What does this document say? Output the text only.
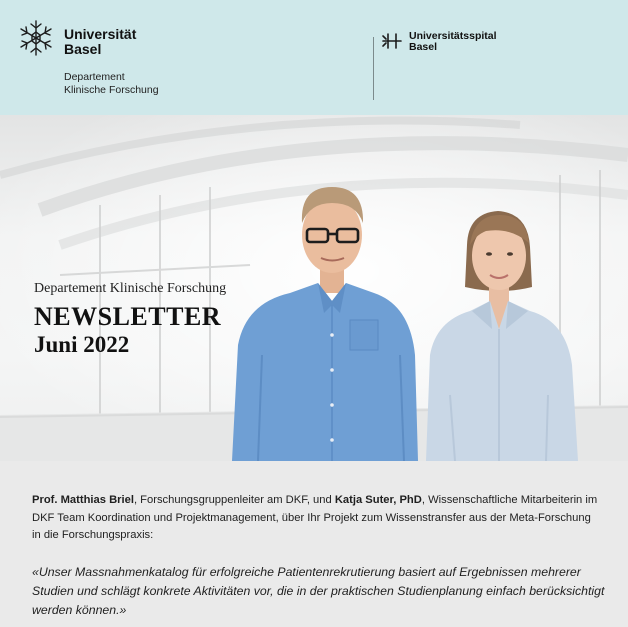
Universität
Basel
Departement
Klinische Forschung
Universitätsspital
Basel
Departement Klinische Forschung
NEWSLETTER
Juni 2022

Prof. Matthias Briel, Forschungsgruppenleiter am DKF, und Katja Suter, PhD, Wissenschaftliche Mitarbeiterin im DKF Team Koordination und Projektmanagement, über Ihr Projekt zum Wissenstransfer aus der Meta-Forschung in die Forschungspraxis:

«Unser Massnahmenkatalog für erfolgreiche Patientenrekrutierung basiert auf Ergebnissen mehrerer Studien und schlägt konkrete Aktivitäten vor, die in der praktischen Studienplanung einfach berücksichtigt werden können.»
